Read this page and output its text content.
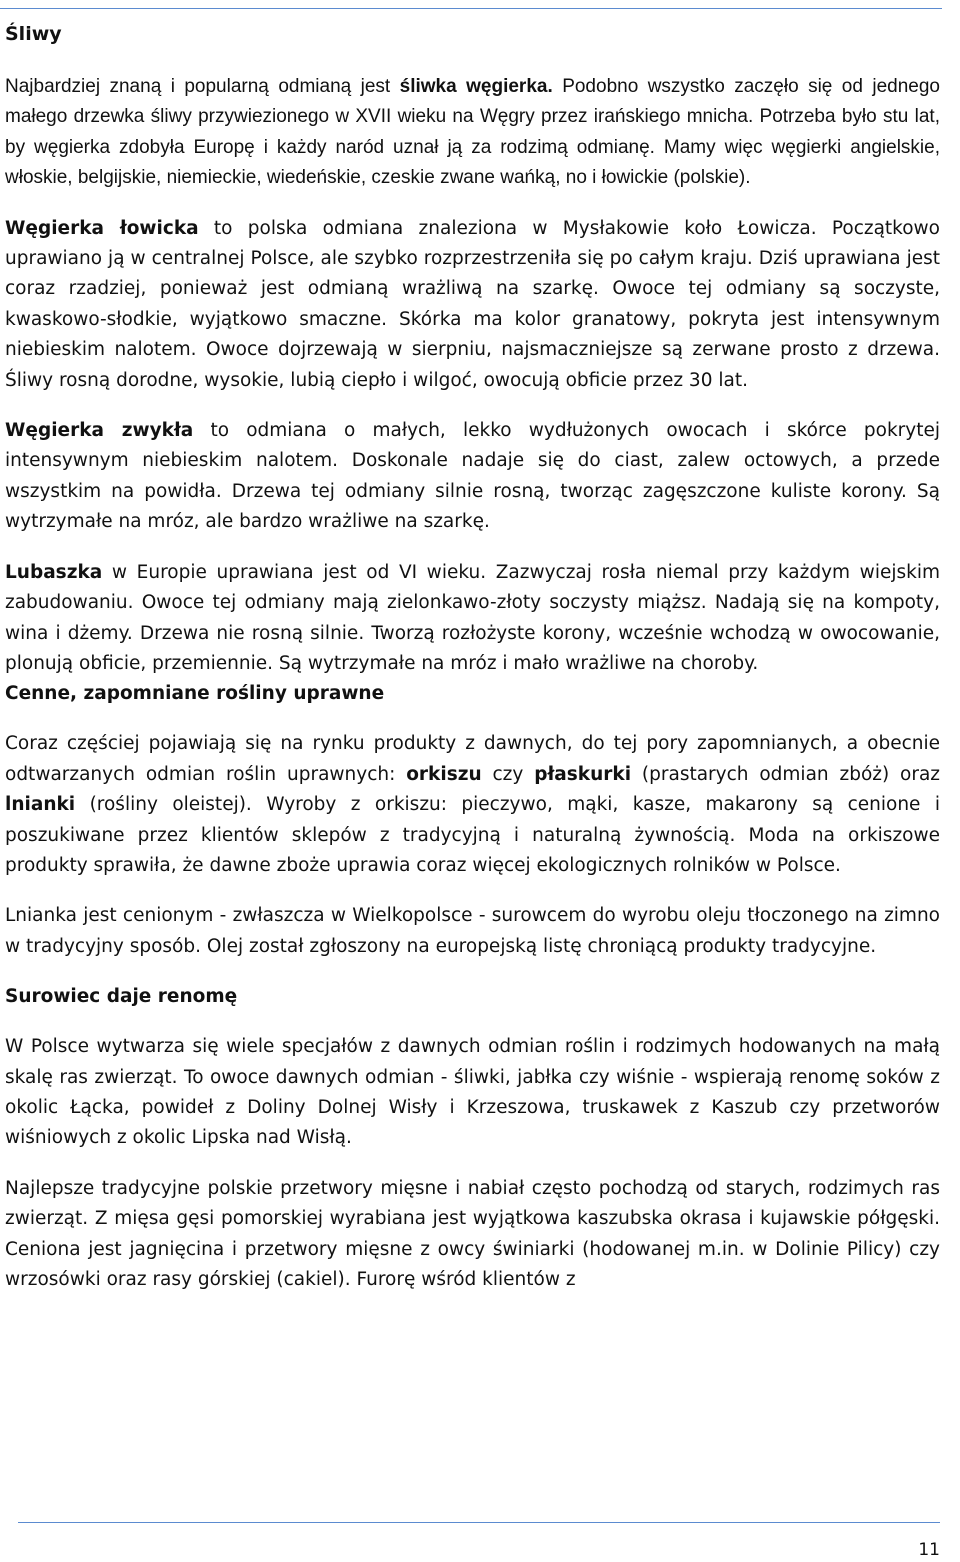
Śliwy

Najbardziej znaną i popularną odmianą jest śliwka węgierka. Podobno wszystko zaczęło się od jednego małego drzewka śliwy przywiezionego w XVII wieku na Węgry przez irańskiego mnicha. Potrzeba było stu lat, by węgierka zdobyła Europę i każdy naród uznał ją za rodzimą odmianę. Mamy więc węgierki angielskie, włoskie, belgijskie, niemieckie, wiedeńskie, czeskie zwane wańką, no i łowickie (polskie).

Węgierka łowicka to polska odmiana znaleziona w Mysłakowie koło Łowicza. Początkowo uprawiano ją w centralnej Polsce, ale szybko rozprzestrzeniła się po całym kraju. Dziś uprawiana jest coraz rzadziej, ponieważ jest odmianą wrażliwą na szarkę. Owoce tej odmiany są soczyste, kwaskowo-słodkie, wyjątkowo smaczne. Skórka ma kolor granatowy, pokryta jest intensywnym niebieskim nalotem. Owoce dojrzewają w sierpniu, najsmaczniejsze są zerwane prosto z drzewa. Śliwy rosną dorodne, wysokie, lubią ciepło i wilgoć, owocują obficie przez 30 lat.

Węgierka zwykła to odmiana o małych, lekko wydłużonych owocach i skórce pokrytej intensywnym niebieskim nalotem. Doskonale nadaje się do ciast, zalew octowych, a przede wszystkim na powidła. Drzewa tej odmiany silnie rosną, tworząc zagęszczone kuliste korony. Są wytrzymałe na mróz, ale bardzo wrażliwe na szarkę.

Lubaszka w Europie uprawiana jest od VI wieku. Zazwyczaj rosła niemal przy każdym wiejskim zabudowaniu. Owoce tej odmiany mają zielonkawo-złoty soczysty miąższ. Nadają się na kompoty, wina i dżemy. Drzewa nie rosną silnie. Tworzą rozłożyste korony, wcześnie wchodzą w owocowanie, plonują obficie, przemiennie. Są wytrzymałe na mróz i mało wrażliwe na choroby.

Cenne, zapomniane rośliny uprawne

Coraz częściej pojawiają się na rynku produkty z dawnych, do tej pory zapomnianych, a obecnie odtwarzanych odmian roślin uprawnych: orkiszu czy płaskurki (prastarych odmian zbóż) oraz lnianki (rośliny oleistej). Wyroby z orkiszu: pieczywo, mąki, kasze, makarony są cenione i poszukiwane przez klientów sklepów z tradycyjną i naturalną żywnością. Moda na orkiszowe produkty sprawiła, że dawne zboże uprawia coraz więcej ekologicznych rolników w Polsce.

Lnianka jest cenionym - zwłaszcza w Wielkopolsce - surowcem do wyrobu oleju tłoczonego na zimno w tradycyjny sposób. Olej został zgłoszony na europejską listę chroniącą produkty tradycyjne.

Surowiec daje renomę

W Polsce wytwarza się wiele specjałów z dawnych odmian roślin i rodzimych hodowanych na małą skalę ras zwierząt. To owoce dawnych odmian - śliwki, jabłka czy wiśnie - wspierają renomę soków z okolic Łącka, powideł z Doliny Dolnej Wisły i Krzeszowa, truskawek z Kaszub czy przetworów wiśniowych z okolic Lipska nad Wisłą.

Najlepsze tradycyjne polskie przetwory mięsne i nabiał często pochodzą od starych, rodzimych ras zwierząt. Z mięsa gęsi pomorskiej wyrabiana jest wyjątkowa kaszubska okrasa i kujawskie półgęski. Ceniona jest jagnięcina i przetwory mięsne z owcy świniarki (hodowanej m.in. w Dolinie Pilicy) czy wrzosówki oraz rasy górskiej (cakiel). Furorę wśród klientów z

11
